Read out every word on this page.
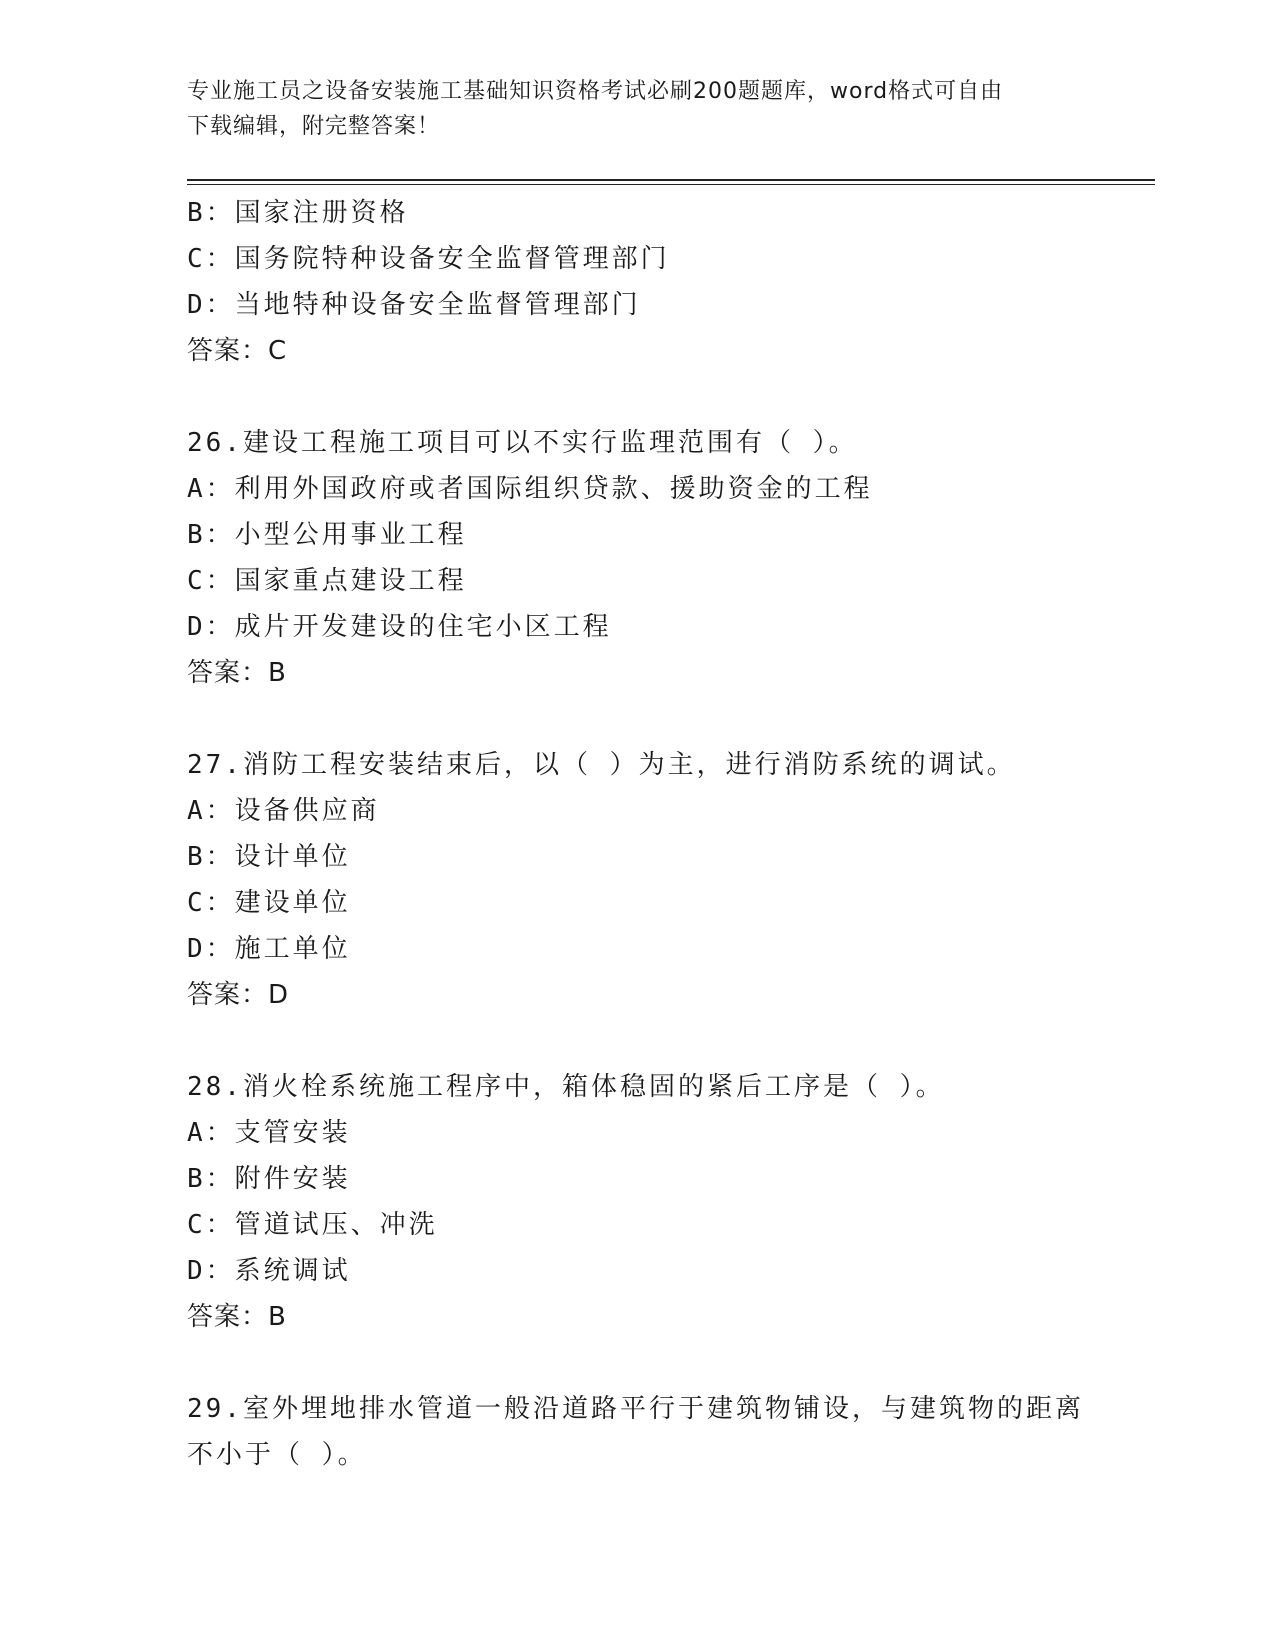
专业施工员之设备安装施工基础知识资格考试必刷200题题库，word格式可自由
下载编辑，附完整答案！
B：国家注册资格
C：国务院特种设备安全监督管理部门
D：当地特种设备安全监督管理部门
答案：C
26.建设工程施工项目可以不实行监理范围有（ ）。
A：利用外国政府或者国际组织贷款、援助资金的工程
B：小型公用事业工程
C：国家重点建设工程
D：成片开发建设的住宅小区工程
答案：B
27.消防工程安装结束后，以（ ）为主，进行消防系统的调试。
A：设备供应商
B：设计单位
C：建设单位
D：施工单位
答案：D
28.消火栓系统施工程序中，箱体稳固的紧后工序是（ ）。
A：支管安装
B：附件安装
C：管道试压、冲洗
D：系统调试
答案：B
29.室外埋地排水管道一般沿道路平行于建筑物铺设，与建筑物的距离
不小于（ ）。
